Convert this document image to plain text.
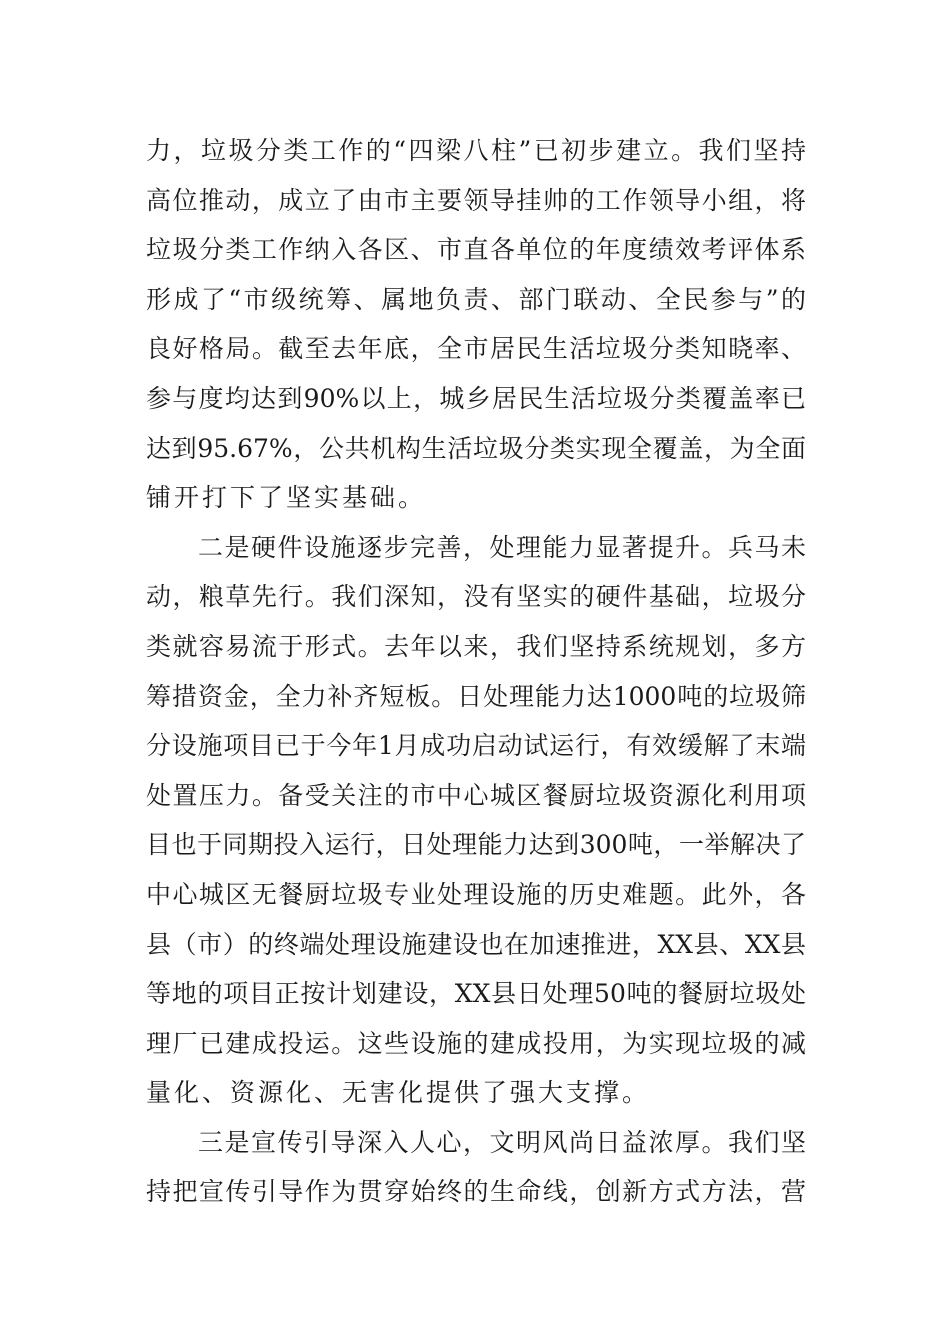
力，垃圾分类工作的“四梁八柱”已初步建立。我们坚持
高位推动，成立了由市主要领导挂帅的工作领导小组，将
垃圾分类工作纳入各区、市直各单位的年度绩效考评体系
形成了“市级统筹、属地负责、部门联动、全民参与”的
良好格局。截至去年底，全市居民生活垃圾分类知晓率、
参与度均达到90%以上，城乡居民生活垃圾分类覆盖率已
达到95.67%，公共机构生活垃圾分类实现全覆盖，为全面
铺开打下了坚实基础。
二是硬件设施逐步完善，处理能力显著提升。兵马未
动，粮草先行。我们深知，没有坚实的硬件基础，垃圾分
类就容易流于形式。去年以来，我们坚持系统规划，多方
筹措资金，全力补齐短板。日处理能力达1000吨的垃圾筛
分设施项目已于今年1月成功启动试运行，有效缓解了末端
处置压力。备受关注的市中心城区餐厨垃圾资源化利用项
目也于同期投入运行，日处理能力达到300吨，一举解决了
中心城区无餐厨垃圾专业处理设施的历史难题。此外，各
县（市）的终端处理设施建设也在加速推进，XX县、XX县
等地的项目正按计划建设，XX县日处理50吨的餐厨垃圾处
理厂已建成投运。这些设施的建成投用，为实现垃圾的减
量化、资源化、无害化提供了强大支撑。
三是宣传引导深入人心，文明风尚日益浓厚。我们坚
持把宣传引导作为贯穿始终的生命线，创新方式方法，营
